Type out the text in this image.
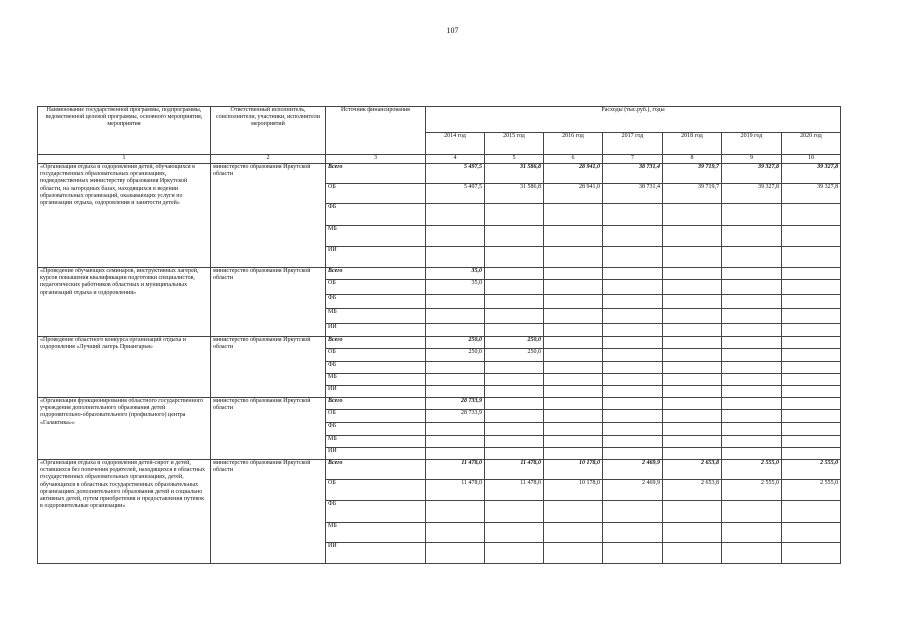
107
Наименование государственной программы, подпрограммы, ведомственной целевой программы, основного мероприятия, мероприятия	Ответственный исполнитель, соисполнители, участники, исполнители мероприятий	Источник финансирования	Расходы (тыс.руб.), годы						
			2014 год	2015 год	2016 год	2017 год	2018 год	2019 год	2020 год
1	2	3	4	5	6	7	8	9	10
«Организация отдыха и оздоровления детей, обучающихся в государственных образовательных организациях, подведомственных министерству образования Иркутской области, на загородных базах, находящихся в ведении образовательных организаций, оказывающих услуги по организации отдыха, оздоровления и занятости детей»	министерство образования Иркутской области	Всего	5 497,5	31 586,8	28 941,0	38 731,4	39 719,7	39 327,8	39 327,8
		ОБ	5 497,5	31 586,8	28 941,0	38 731,4	39 719,7	39 327,8	39 327,8
		ФБ							
		МБ							
		ИИ							
«Проведение обучающих семинаров, инструктивных лагерей, курсов повышения квалификации подготовки специалистов, педагогических работников областных и муниципальных организаций отдыха и оздоровления»	министерство образования Иркутской области	Всего	35,0						
		ОБ	35,0						
		ФБ							
		МБ							
		ИИ							
«Проведение областного конкурса организаций отдыха и оздоровления «Лучший лагерь Приангарья»	министерство образования Иркутской области	Всего	250,0	250,0					
		ОБ	250,0	250,0					
		ФБ							
		МБ							
		ИИ							
«Организация функционирования областного государственного учреждения дополнительного образования детей оздоровительно-образовательного (профильного) центра «Галактика»»	министерство образования Иркутской области	Всего	28 733,9						
		ОБ	28 733,9						
		ФБ							
		МБ							
		ИИ							
«Организация отдыха и оздоровления детей-сирот и детей, оставшихся без попечения родителей, находящихся в областных государственных образовательных организациях, детей, обучающихся в областных государственных образовательных организациях дополнительного образования детей и социально активных детей, путем приобретения и предоставления путевок в оздоровительные организации»	министерство образования Иркутской области	Всего	11 478,0	11 478,0	10 178,0	2 469,9	2 653,8	2 555,0	2 555,0
		ОБ	11 478,0	11 478,0	10 178,0	2 469,9	2 653,8	2 555,0	2 555,0
		ФБ							
		МБ							
		ИИ							
